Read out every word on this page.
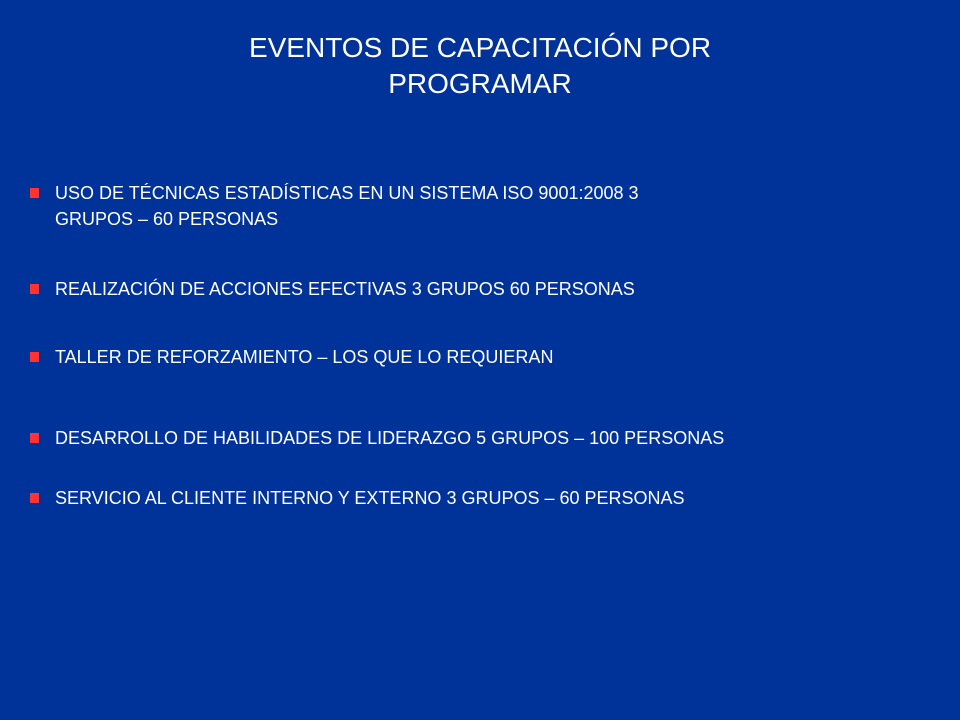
EVENTOS DE CAPACITACIÓN POR
PROGRAMAR
USO DE TÉCNICAS ESTADÍSTICAS EN UN SISTEMA ISO 9001:2008 3
GRUPOS – 60 PERSONAS
REALIZACIÓN DE ACCIONES EFECTIVAS 3 GRUPOS 60 PERSONAS
TALLER DE REFORZAMIENTO – LOS QUE LO REQUIERAN
DESARROLLO DE HABILIDADES DE LIDERAZGO 5 GRUPOS – 100 PERSONAS
SERVICIO AL CLIENTE INTERNO Y EXTERNO 3 GRUPOS – 60 PERSONAS
